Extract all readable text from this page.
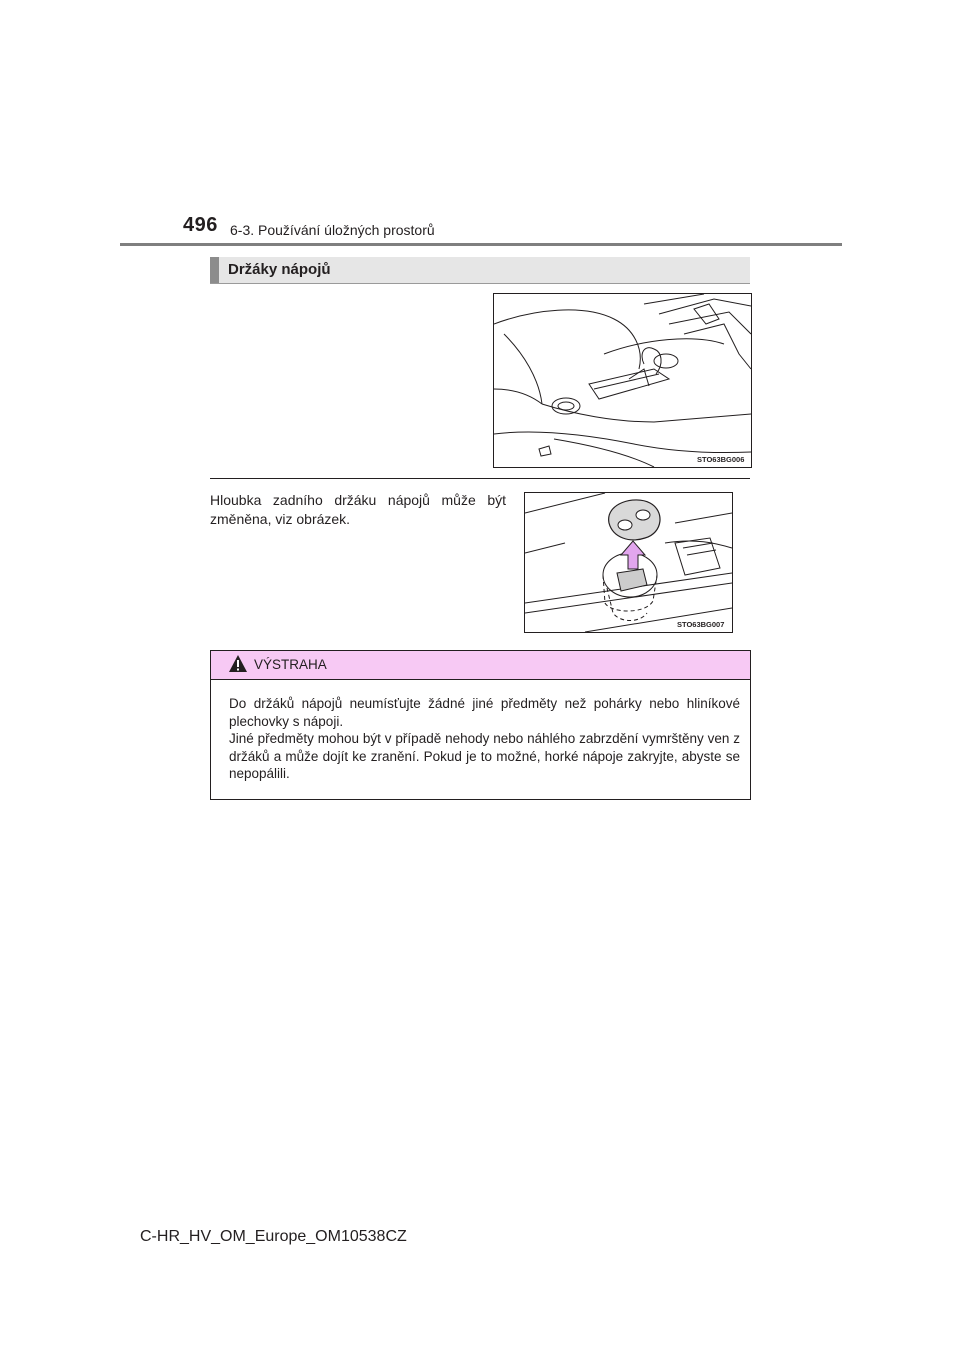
496 6-3. Používání úložných prostorů
Držáky nápojů
STO63BG006
Hloubka zadního držáku nápojů může být změněna, viz obrázek.
STO63BG007
VÝSTRAHA

Do držáků nápojů neumísťujte žádné jiné předměty než pohárky nebo hliníkové plechovky s nápoji.

Jiné předměty mohou být v případě nehody nebo náhlého zabrzdění vymrštěny ven z držáků a může dojít ke zranění. Pokud je to možné, horké nápoje zakryjte, abyste se nepopálili.

C-HR_HV_OM_Europe_OM10538CZ
